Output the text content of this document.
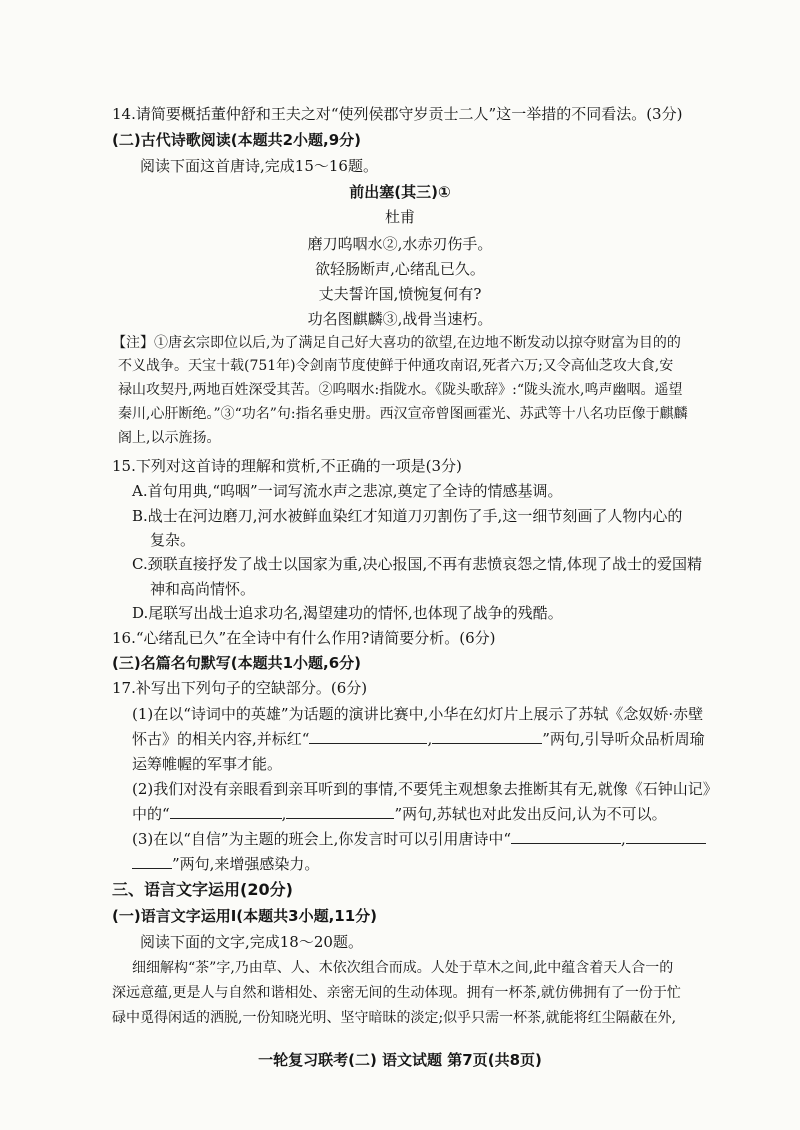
14.请简要概括董仲舒和王夫之对“使列侯郡守岁贡士二人”这一举措的不同看法。(3分)
(二)古代诗歌阅读(本题共2小题,9分)
阅读下面这首唐诗,完成15～16题。
前出塞(其三)①
杜甫
磨刀呜咽水②,水赤刃伤手。
欲轻肠断声,心绪乱已久。
丈夫誓许国,愤惋复何有?
功名图麒麟③,战骨当速朽。
【注】①唐玄宗即位以后,为了满足自己好大喜功的欲望,在边地不断发动以掠夺财富为目的的
不义战争。天宝十载(751年)令剑南节度使鲜于仲通攻南诏,死者六万;又令高仙芝攻大食,安
禄山攻契丹,两地百姓深受其苦。②呜咽水:指陇水。《陇头歌辞》:“陇头流水,鸣声幽咽。遥望
秦川,心肝断绝。”③“功名”句:指名垂史册。西汉宣帝曾图画霍光、苏武等十八名功臣像于麒麟
阁上,以示旌扬。
15.下列对这首诗的理解和赏析,不正确的一项是(3分)
A.首句用典,“呜咽”一词写流水声之悲凉,奠定了全诗的情感基调。
B.战士在河边磨刀,河水被鲜血染红才知道刀刃割伤了手,这一细节刻画了人物内心的
复杂。
C.颈联直接抒发了战士以国家为重,决心报国,不再有悲愤哀怨之情,体现了战士的爱国精
神和高尚情怀。
D.尾联写出战士追求功名,渴望建功的情怀,也体现了战争的残酷。
16.“心绪乱已久”在全诗中有什么作用?请简要分析。(6分)
(三)名篇名句默写(本题共1小题,6分)
17.补写出下列句子的空缺部分。(6分)
(1)在以“诗词中的英雄”为话题的演讲比赛中,小华在幻灯片上展示了苏轼《念奴娇·赤壁
怀古》的相关内容,并标红“	,	”两句,引导听众品析周瑜
运筹帷幄的军事才能。
(2)我们对没有亲眼看到亲耳听到的事情,不要凭主观想象去推断其有无,就像《石钟山记》
中的“	,	”两句,苏轼也对此发出反问,认为不可以。
(3)在以“自信”为主题的班会上,你发言时可以引用唐诗中“	,
”两句,来增强感染力。
三、语言文字运用(20分)
(一)语言文字运用Ⅰ(本题共3小题,11分)
阅读下面的文字,完成18～20题。
细细解构“茶”字,乃由草、人、木依次组合而成。人处于草木之间,此中蕴含着天人合一的
深远意蕴,更是人与自然和谐相处、亲密无间的生动体现。拥有一杯茶,就仿佛拥有了一份于忙
碌中觅得闲适的洒脱,一份知晓光明、坚守暗昧的淡定;似乎只需一杯茶,就能将红尘隔蔽在外,
一轮复习联考(二) 语文试题 第7页(共8页)
